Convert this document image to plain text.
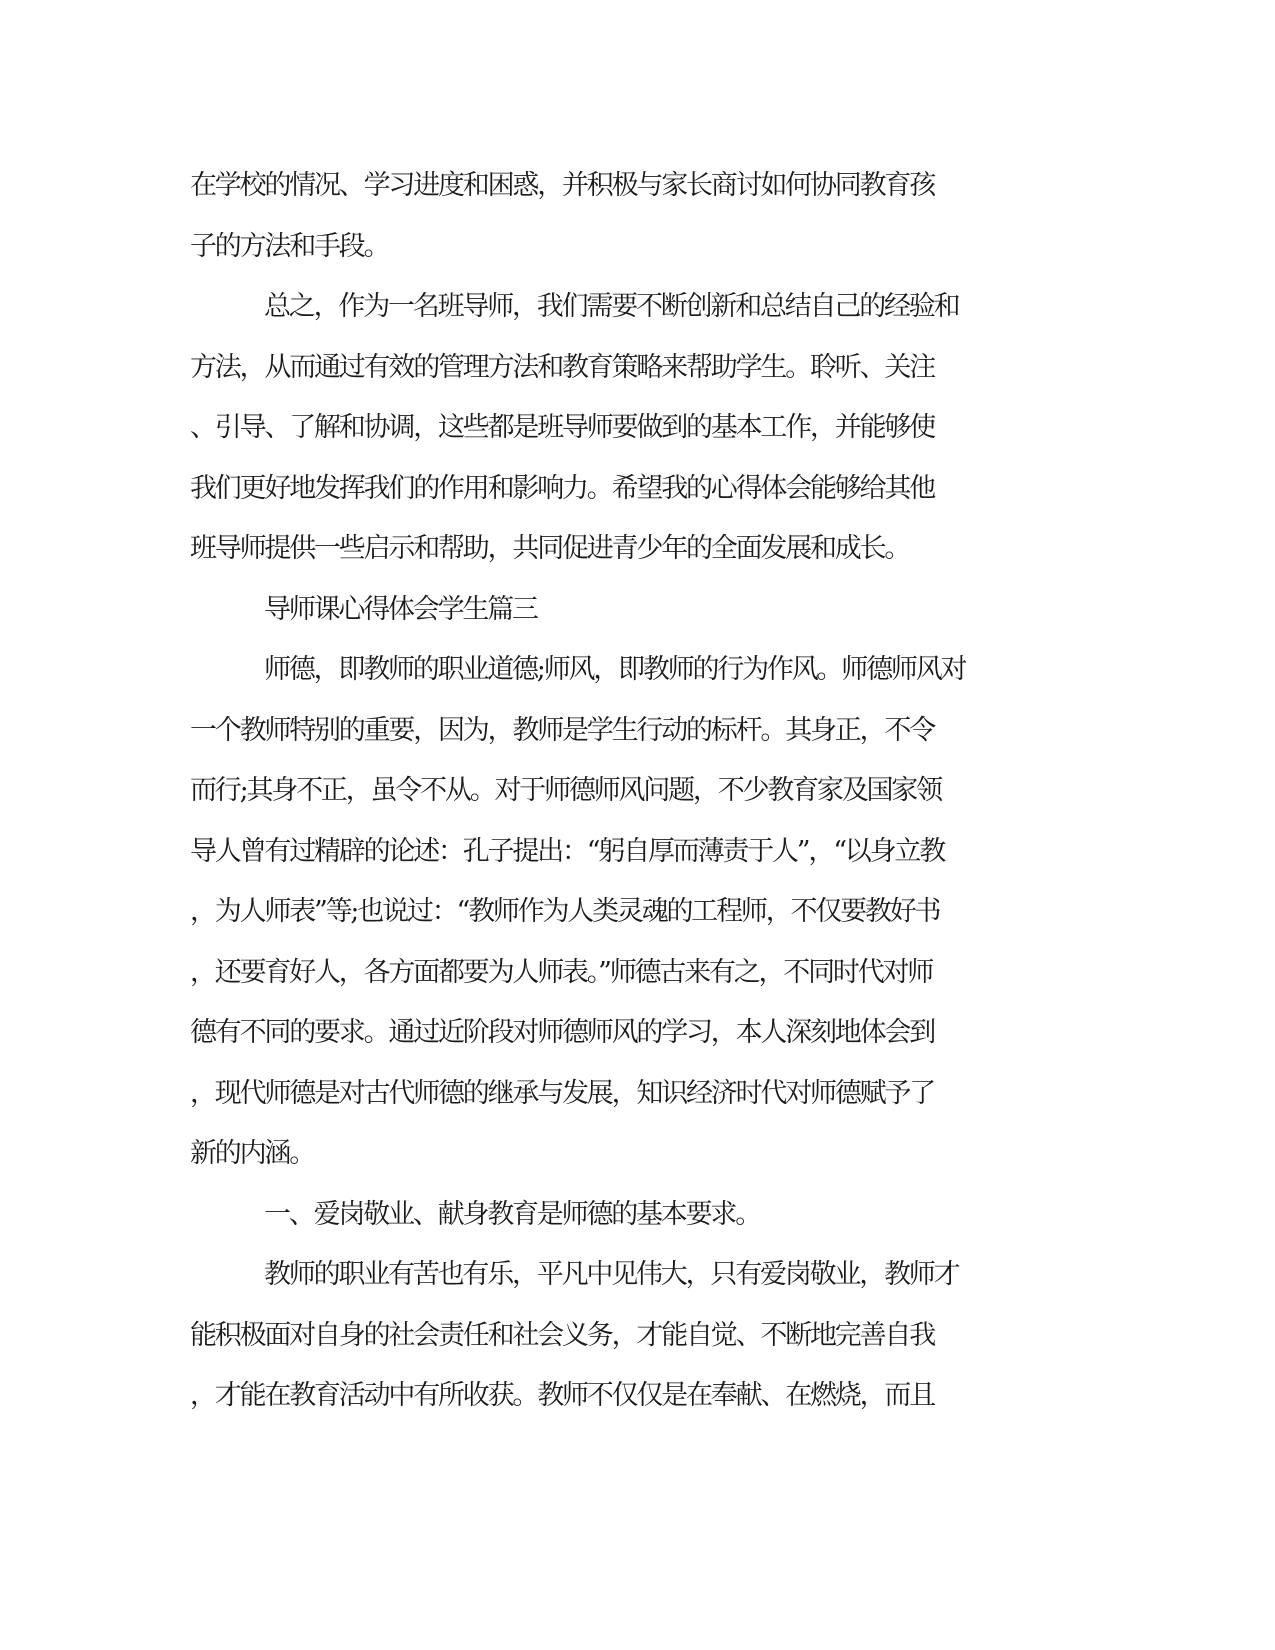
在学校的情况、学习进度和困惑，并积极与家长商讨如何协同教育孩
子的方法和手段。
总之，作为一名班导师，我们需要不断创新和总结自己的经验和
方法，从而通过有效的管理方法和教育策略来帮助学生。聆听、关注
、引导、了解和协调，这些都是班导师要做到的基本工作，并能够使
我们更好地发挥我们的作用和影响力。希望我的心得体会能够给其他
班导师提供一些启示和帮助，共同促进青少年的全面发展和成长。
导师课心得体会学生篇三
师德，即教师的职业道德;师风，即教师的行为作风。师德师风对
一个教师特别的重要，因为，教师是学生行动的标杆。其身正，不令
而行;其身不正，虽令不从。对于师德师风问题，不少教育家及国家领
导人曾有过精辟的论述：孔子提出：“躬自厚而薄责于人”，“以身立教
，为人师表”等;也说过：“教师作为人类灵魂的工程师，不仅要教好书
，还要育好人，各方面都要为人师表。”师德古来有之，不同时代对师
德有不同的要求。通过近阶段对师德师风的学习，本人深刻地体会到
，现代师德是对古代师德的继承与发展，知识经济时代对师德赋予了
新的内涵。
一、爱岗敬业、献身教育是师德的基本要求。
教师的职业有苦也有乐，平凡中见伟大，只有爱岗敬业，教师才
能积极面对自身的社会责任和社会义务，才能自觉、不断地完善自我
，才能在教育活动中有所收获。教师不仅仅是在奉献、在燃烧，而且
